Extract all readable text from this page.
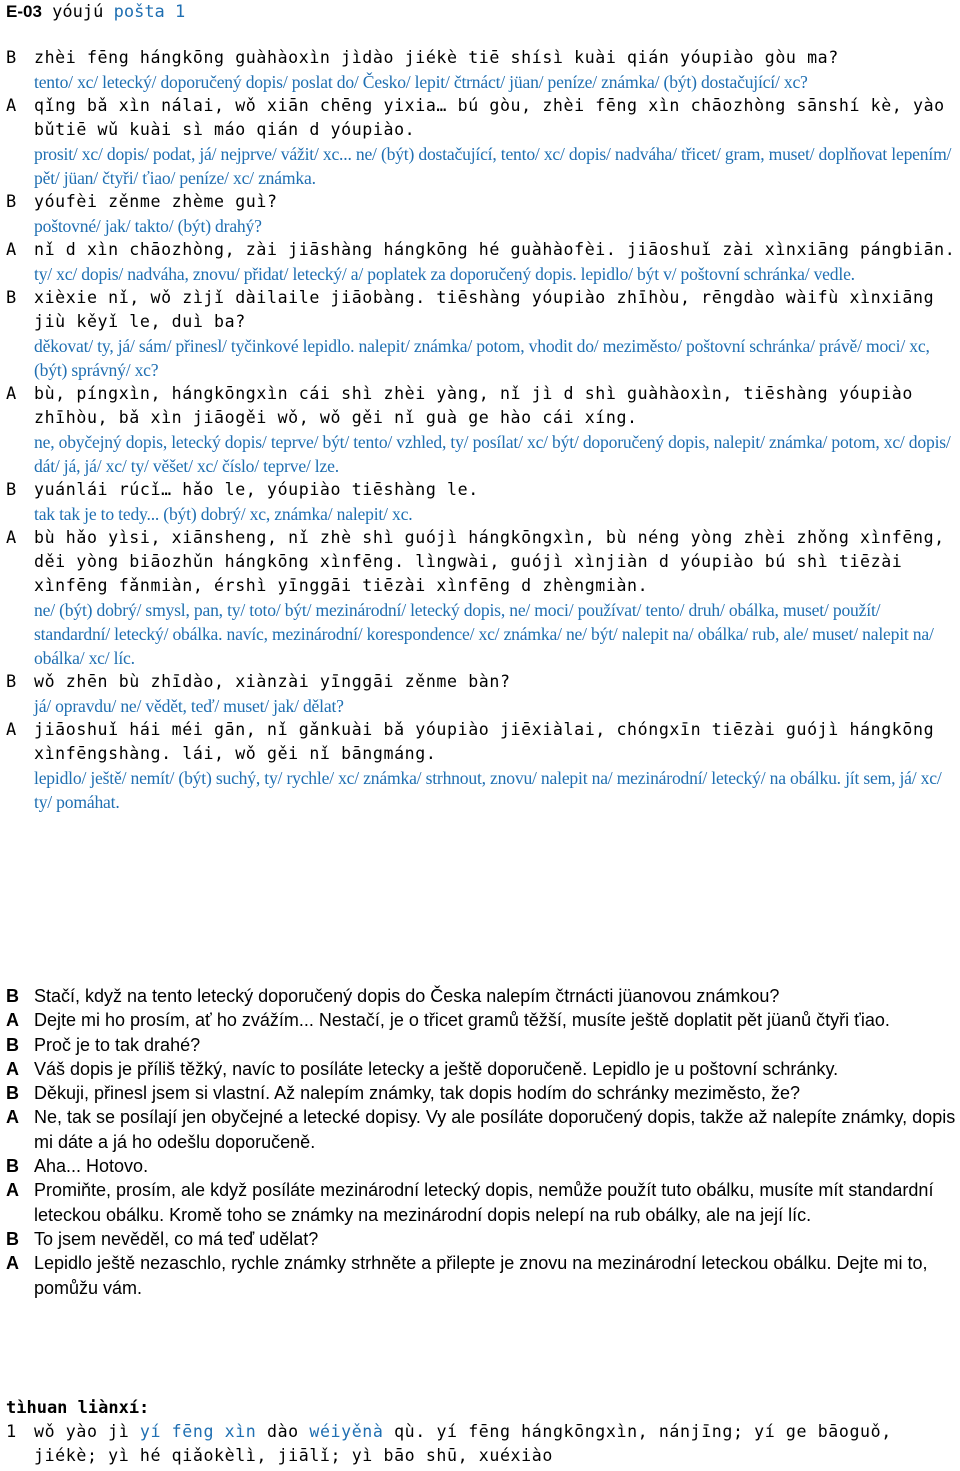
E-03 yóujú pošta 1
B zhèi fēng hángkōng guàhàoxìn jìdào jiékè tiē shísì kuài qián yóupiào gòu ma?
tento/ xc/ letecký/ doporučený dopis/ poslat do/ Česko/ lepit/ čtrnáct/ jüan/ peníze/ známka/ (být) dostačující/ xc?
A qǐng bǎ xìn nálai, wǒ xiān chēng yixia… bú gòu, zhèi fēng xìn chāozhòng sānshí kè, yào bǔtiē wǔ kuài sì máo qián d yóupiào.
prosit/ xc/ dopis/ podat, já/ nejprve/ vážit/ xc... ne/ (být) dostačující, tento/ xc/ dopis/ nadváha/ třicet/ gram, muset/ doplňovat lepením/ pět/ jüan/ čtyři/ ťiao/ peníze/ xc/ známka.
B yóufèi zěnme zhème guì?
poštovné/ jak/ takto/ (být) drahý?
A nǐ d xìn chāozhòng, zài jiāshàng hángkōng hé guàhàofèi. jiāoshuǐ zài xìnxiāng pángbiān.
ty/ xc/ dopis/ nadváha, znovu/ přidat/ letecký/ a/ poplatek za doporučený dopis. lepidlo/ být v/ poštovní schránka/ vedle.
B xièxie nǐ, wǒ zìjǐ dàilaile jiāobàng. tiēshàng yóupiào zhīhòu, rēngdào wàifù xìnxiāng jiù kěyǐ le, duì ba?
děkovat/ ty, já/ sám/ přinesl/ tyčinkové lepidlo. nalepit/ známka/ potom, vhodit do/ meziměsto/ poštovní schránka/ právě/ moci/ xc, (být) správný/ xc?
A bù, píngxìn, hángkōngxìn cái shì zhèi yàng, nǐ jì d shì guàhàoxìn, tiēshàng yóupiào zhīhòu, bǎ xìn jiāogěi wǒ, wǒ gěi nǐ guà ge hào cái xíng.
ne, obyčejný dopis, letecký dopis/ teprve/ být/ tento/ vzhled, ty/ posílat/ xc/ být/ doporučený dopis, nalepit/ známka/ potom, xc/ dopis/ dát/ já, já/ xc/ ty/ věšet/ xc/ číslo/ teprve/ lze.
B yuánlái rúcǐ… hǎo le, yóupiào tiēshàng le.
tak tak je to tedy... (být) dobrý/ xc, známka/ nalepit/ xc.
A bù hǎo yìsi, xiānsheng, nǐ zhè shì guójì hángkōngxìn, bù néng yòng zhèi zhǒng xìnfēng, děi yòng biāozhǔn hángkōng xìnfēng. lìngwài, guójì xìnjiàn d yóupiào bú shì tiēzài xìnfēng fǎnmiàn, érshì yīnggāi tiēzài xìnfēng d zhèngmiàn.
ne/ (být) dobrý/ smysl, pan, ty/ toto/ být/ mezinárodní/ letecký dopis, ne/ moci/ používat/ tento/ druh/ obálka, muset/ použít/ standardní/ letecký/ obálka. navíc, mezinárodní/ korespondence/ xc/ známka/ ne/ být/ nalepit na/ obálka/ rub, ale/ muset/ nalepit na/ obálka/ xc/ líc.
B wǒ zhēn bù zhīdào, xiànzài yīnggāi zěnme bàn?
já/ opravdu/ ne/ vědět, teď/ muset/ jak/ dělat?
A jiāoshuǐ hái méi gān, nǐ gǎnkuài bǎ yóupiào jiēxiàlai, chóngxīn tiēzài guójì hángkōng xìnfēngshàng. lái, wǒ gěi nǐ bāngmáng.
lepidlo/ ještě/ nemít/ (být) suchý, ty/ rychle/ xc/ známka/ strhnout, znovu/ nalepit na/ mezinárodní/ letecký/ na obálku. jít sem, já/ xc/ ty/ pomáhat.
B Stačí, když na tento letecký doporučený dopis do Česka nalepím čtrnácti jüanovou známkou?
A Dejte mi ho prosím, ať ho zvážím... Nestačí, je o třicet gramů těžší, musíte ještě doplatit pět jüanů čtyři ťiao.
B Proč je to tak drahé?
A Váš dopis je příliš těžký, navíc to posíláte letecky a ještě doporučeně. Lepidlo je u poštovní schránky.
B Děkuji, přinesl jsem si vlastní. Až nalepím známky, tak dopis hodím do schránky meziměsto, že?
A Ne, tak se posílají jen obyčejné a letecké dopisy. Vy ale posíláte doporučený dopis, takže až nalepíte známky, dopis mi dáte a já ho odešlu doporučeně.
B Aha... Hotovo.
A Promiňte, prosím, ale když posíláte mezinárodní letecký dopis, nemůže použít tuto obálku, musíte mít standardní leteckou obálku. Kromě toho se známky na mezinárodní dopis nelepí na rub obálky, ale na její líc.
B To jsem nevěděl, co má teď udělat?
A Lepidlo ještě nezaschlo, rychle známky strhněte a přilepte je znovu na mezinárodní leteckou obálku. Dejte mi to, pomůžu vám.
tìhuan liànxí:
1 wǒ yào jì yí fēng xìn dào wéiyěnà qù. yí fēng hángkōngxìn, nánjīng; yí ge bāoguǒ, jiékè; yì hé qiǎokèlì, jiālǐ; yì bāo shū, xuéxiào
